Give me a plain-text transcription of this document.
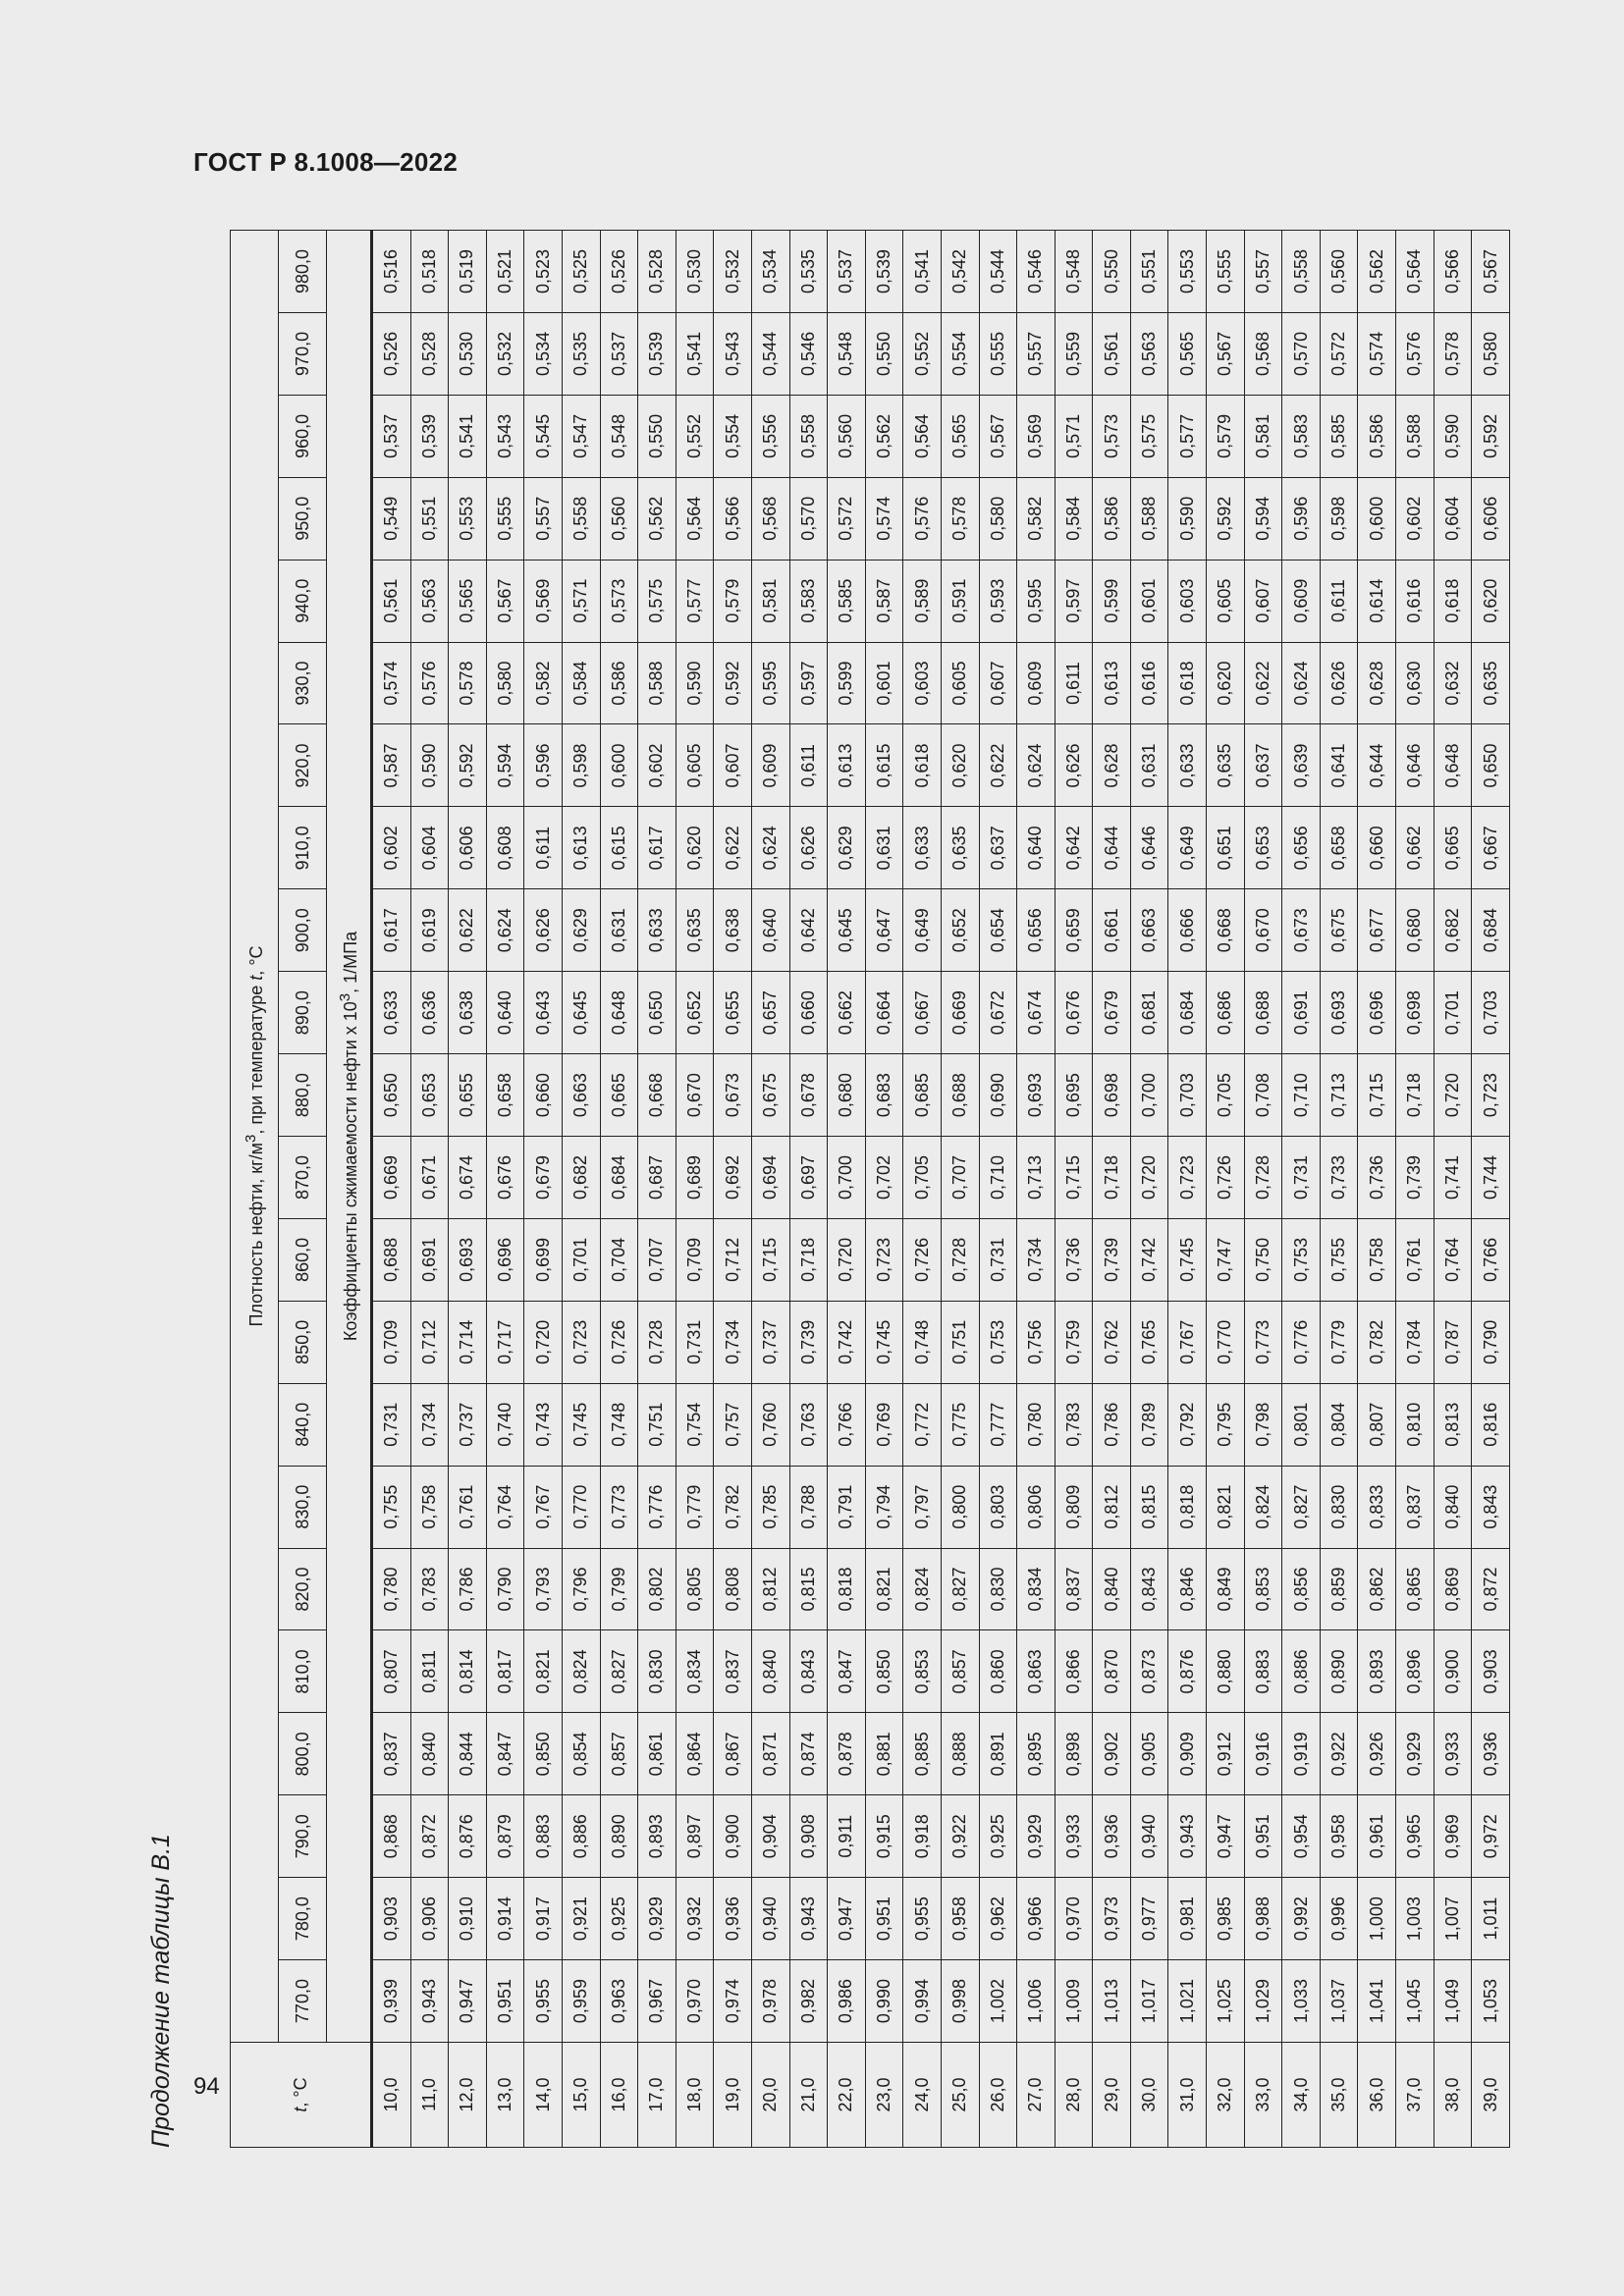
ГОСТ Р 8.1008—2022
Продолжение таблицы В.1	t, °С	Плотность нефти, $кг/м^3$, при температуре t, °С																					
	770,0	780,0	790,0	800,0	810,0	820,0	830,0	840,0	850,0	860,0	870,0	880,0	890,0	900,0	910,0	920,0	930,0	940,0	950,0	960,0	970,0	980,0
	Коэффициенты сжимаемости нефти х $10^3$, 1/МПа																					
10,0	0,939	0,903	0,868	0,837	0,807	0,780	0,755	0,731	0,709	0,688	0,669	0,650	0,633	0,617	0,602	0,587	0,574	0,561	0,549	0,537	0,526	0,516
11,0	0,943	0,906	0,872	0,840	0,811	0,783	0,758	0,734	0,712	0,691	0,671	0,653	0,636	0,619	0,604	0,590	0,576	0,563	0,551	0,539	0,528	0,518
12,0	0,947	0,910	0,876	0,844	0,814	0,786	0,761	0,737	0,714	0,693	0,674	0,655	0,638	0,622	0,606	0,592	0,578	0,565	0,553	0,541	0,530	0,519
13,0	0,951	0,914	0,879	0,847	0,817	0,790	0,764	0,740	0,717	0,696	0,676	0,658	0,640	0,624	0,608	0,594	0,580	0,567	0,555	0,543	0,532	0,521
14,0	0,955	0,917	0,883	0,850	0,821	0,793	0,767	0,743	0,720	0,699	0,679	0,660	0,643	0,626	0,611	0,596	0,582	0,569	0,557	0,545	0,534	0,523
15,0	0,959	0,921	0,886	0,854	0,824	0,796	0,770	0,745	0,723	0,701	0,682	0,663	0,645	0,629	0,613	0,598	0,584	0,571	0,558	0,547	0,535	0,525
16,0	0,963	0,925	0,890	0,857	0,827	0,799	0,773	0,748	0,726	0,704	0,684	0,665	0,648	0,631	0,615	0,600	0,586	0,573	0,560	0,548	0,537	0,526
17,0	0,967	0,929	0,893	0,861	0,830	0,802	0,776	0,751	0,728	0,707	0,687	0,668	0,650	0,633	0,617	0,602	0,588	0,575	0,562	0,550	0,539	0,528
18,0	0,970	0,932	0,897	0,864	0,834	0,805	0,779	0,754	0,731	0,709	0,689	0,670	0,652	0,635	0,620	0,605	0,590	0,577	0,564	0,552	0,541	0,530
19,0	0,974	0,936	0,900	0,867	0,837	0,808	0,782	0,757	0,734	0,712	0,692	0,673	0,655	0,638	0,622	0,607	0,592	0,579	0,566	0,554	0,543	0,532
20,0	0,978	0,940	0,904	0,871	0,840	0,812	0,785	0,760	0,737	0,715	0,694	0,675	0,657	0,640	0,624	0,609	0,595	0,581	0,568	0,556	0,544	0,534
21,0	0,982	0,943	0,908	0,874	0,843	0,815	0,788	0,763	0,739	0,718	0,697	0,678	0,660	0,642	0,626	0,611	0,597	0,583	0,570	0,558	0,546	0,535
22,0	0,986	0,947	0,911	0,878	0,847	0,818	0,791	0,766	0,742	0,720	0,700	0,680	0,662	0,645	0,629	0,613	0,599	0,585	0,572	0,560	0,548	0,537
23,0	0,990	0,951	0,915	0,881	0,850	0,821	0,794	0,769	0,745	0,723	0,702	0,683	0,664	0,647	0,631	0,615	0,601	0,587	0,574	0,562	0,550	0,539
24,0	0,994	0,955	0,918	0,885	0,853	0,824	0,797	0,772	0,748	0,726	0,705	0,685	0,667	0,649	0,633	0,618	0,603	0,589	0,576	0,564	0,552	0,541
25,0	0,998	0,958	0,922	0,888	0,857	0,827	0,800	0,775	0,751	0,728	0,707	0,688	0,669	0,652	0,635	0,620	0,605	0,591	0,578	0,565	0,554	0,542
26,0	1,002	0,962	0,925	0,891	0,860	0,830	0,803	0,777	0,753	0,731	0,710	0,690	0,672	0,654	0,637	0,622	0,607	0,593	0,580	0,567	0,555	0,544
27,0	1,006	0,966	0,929	0,895	0,863	0,834	0,806	0,780	0,756	0,734	0,713	0,693	0,674	0,656	0,640	0,624	0,609	0,595	0,582	0,569	0,557	0,546
28,0	1,009	0,970	0,933	0,898	0,866	0,837	0,809	0,783	0,759	0,736	0,715	0,695	0,676	0,659	0,642	0,626	0,611	0,597	0,584	0,571	0,559	0,548
29,0	1,013	0,973	0,936	0,902	0,870	0,840	0,812	0,786	0,762	0,739	0,718	0,698	0,679	0,661	0,644	0,628	0,613	0,599	0,586	0,573	0,561	0,550
30,0	1,017	0,977	0,940	0,905	0,873	0,843	0,815	0,789	0,765	0,742	0,720	0,700	0,681	0,663	0,646	0,631	0,616	0,601	0,588	0,575	0,563	0,551
31,0	1,021	0,981	0,943	0,909	0,876	0,846	0,818	0,792	0,767	0,745	0,723	0,703	0,684	0,666	0,649	0,633	0,618	0,603	0,590	0,577	0,565	0,553
32,0	1,025	0,985	0,947	0,912	0,880	0,849	0,821	0,795	0,770	0,747	0,726	0,705	0,686	0,668	0,651	0,635	0,620	0,605	0,592	0,579	0,567	0,555
33,0	1,029	0,988	0,951	0,916	0,883	0,853	0,824	0,798	0,773	0,750	0,728	0,708	0,688	0,670	0,653	0,637	0,622	0,607	0,594	0,581	0,568	0,557
34,0	1,033	0,992	0,954	0,919	0,886	0,856	0,827	0,801	0,776	0,753	0,731	0,710	0,691	0,673	0,656	0,639	0,624	0,609	0,596	0,583	0,570	0,558
35,0	1,037	0,996	0,958	0,922	0,890	0,859	0,830	0,804	0,779	0,755	0,733	0,713	0,693	0,675	0,658	0,641	0,626	0,611	0,598	0,585	0,572	0,560
36,0	1,041	1,000	0,961	0,926	0,893	0,862	0,833	0,807	0,782	0,758	0,736	0,715	0,696	0,677	0,660	0,644	0,628	0,614	0,600	0,586	0,574	0,562
37,0	1,045	1,003	0,965	0,929	0,896	0,865	0,837	0,810	0,784	0,761	0,739	0,718	0,698	0,680	0,662	0,646	0,630	0,616	0,602	0,588	0,576	0,564
38,0	1,049	1,007	0,969	0,933	0,900	0,869	0,840	0,813	0,787	0,764	0,741	0,720	0,701	0,682	0,665	0,648	0,632	0,618	0,604	0,590	0,578	0,566
39,0	1,053	1,011	0,972	0,936	0,903	0,872	0,843	0,816	0,790	0,766	0,744	0,723	0,703	0,684	0,667	0,650	0,635	0,620	0,606	0,592	0,580	0,567
94
